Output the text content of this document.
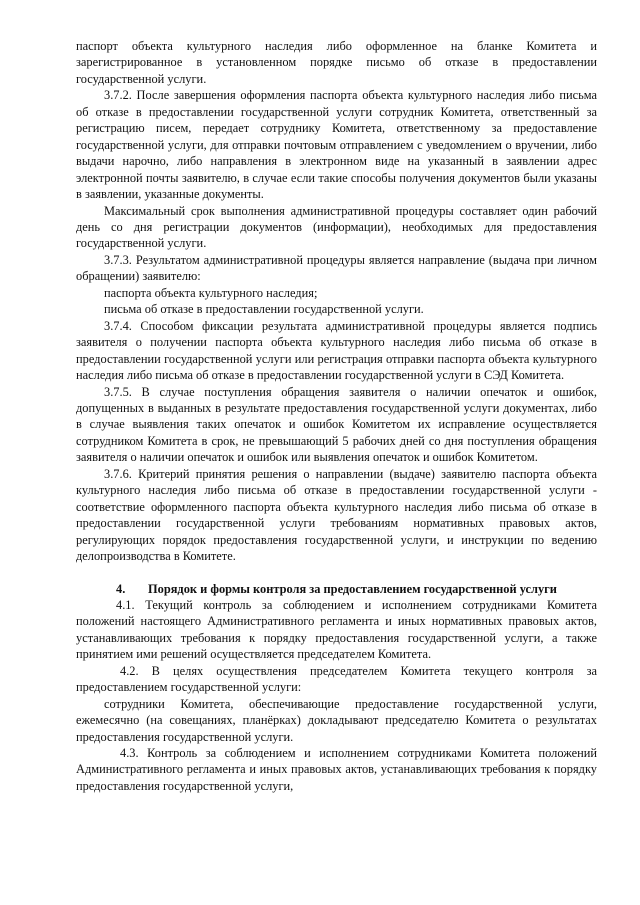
паспорт объекта культурного наследия либо оформленное на бланке Комитета и зарегистрированное в установленном порядке письмо об отказе в предоставлении государственной услуги.

3.7.2. После завершения оформления паспорта объекта культурного наследия либо письма об отказе в предоставлении государственной услуги сотрудник Комитета, ответственный за регистрацию писем, передает сотруднику Комитета, ответственному за предоставление государственной услуги, для отправки почтовым отправлением с уведомлением о вручении, либо выдачи нарочно, либо направления в электронном виде на указанный в заявлении адрес электронной почты заявителю, в случае если такие способы получения документов были указаны в заявлении, указанные документы.

Максимальный срок выполнения административной процедуры составляет один рабочий день со дня регистрации документов (информации), необходимых для предоставления государственной услуги.

3.7.3. Результатом административной процедуры является направление (выдача при личном обращении) заявителю:

паспорта объекта культурного наследия;

письма об отказе в предоставлении государственной услуги.

3.7.4. Способом фиксации результата административной процедуры является подпись заявителя о получении паспорта объекта культурного наследия либо письма об отказе в предоставлении государственной услуги или регистрация отправки паспорта объекта культурного наследия либо письма об отказе в предоставлении государственной услуги в СЭД Комитета.

3.7.5. В случае поступления обращения заявителя о наличии опечаток и ошибок, допущенных в выданных в результате предоставления государственной услуги документах, либо в случае выявления таких опечаток и ошибок Комитетом их исправление осуществляется сотрудником Комитета в срок, не превышающий 5 рабочих дней со дня поступления обращения заявителя о наличии опечаток и ошибок или выявления опечаток и ошибок Комитетом.

3.7.6. Критерий принятия решения о направлении (выдаче) заявителю паспорта объекта культурного наследия либо письма об отказе в предоставлении государственной услуги - соответствие оформленного паспорта объекта культурного наследия либо письма об отказе в предоставлении государственной услуги требованиям нормативных правовых актов, регулирующих порядок предоставления государственной услуги, и инструкции по ведению делопроизводства в Комитете.

4. Порядок и формы контроля за предоставлением государственной услуги

4.1. Текущий контроль за соблюдением и исполнением сотрудниками Комитета положений настоящего Административного регламента и иных нормативных правовых актов, устанавливающих требования к порядку предоставления государственной услуги, а также принятием ими решений осуществляется председателем Комитета.

4.2. В целях осуществления председателем Комитета текущего контроля за предоставлением государственной услуги:

сотрудники Комитета, обеспечивающие предоставление государственной услуги, ежемесячно (на совещаниях, планёрках) докладывают председателю Комитета о результатах предоставления государственной услуги.

4.3. Контроль за соблюдением и исполнением сотрудниками Комитета положений Административного регламента и иных правовых актов, устанавливающих требования к порядку предоставления государственной услуги,
